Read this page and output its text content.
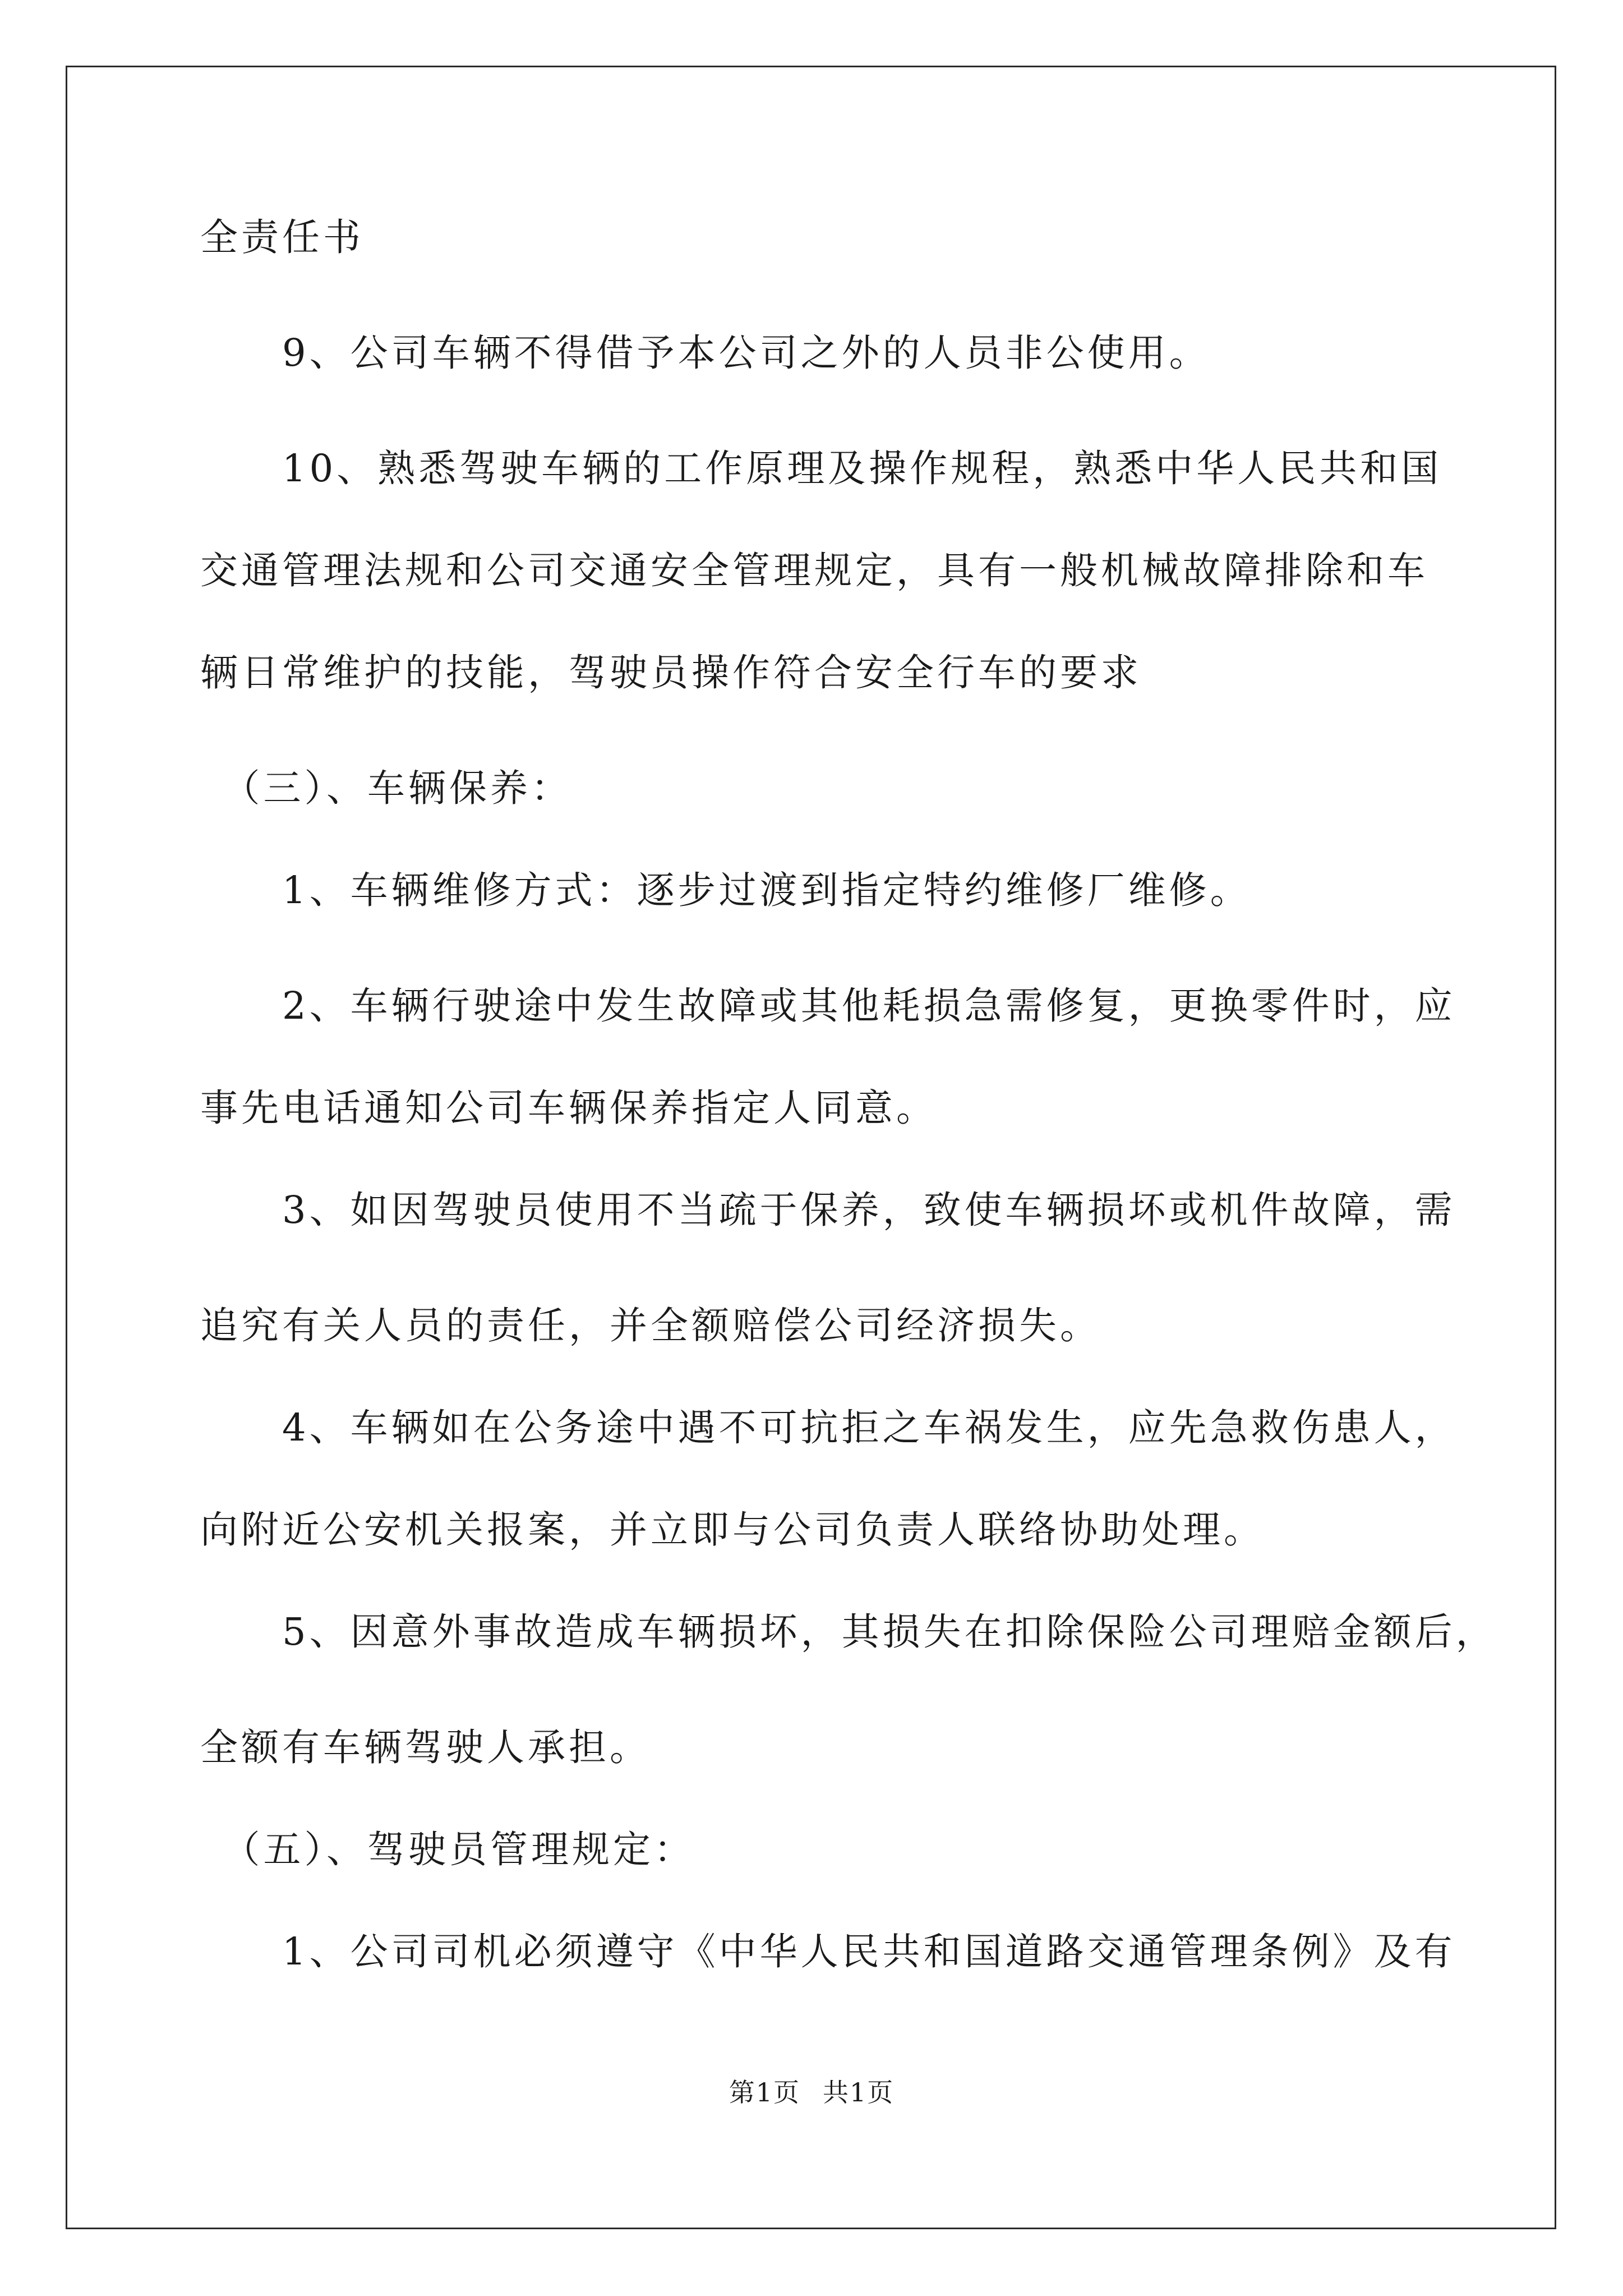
全责任书
　　9、公司车辆不得借予本公司之外的人员非公使用。
　　10、熟悉驾驶车辆的工作原理及操作规程，熟悉中华人民共和国
交通管理法规和公司交通安全管理规定，具有一般机械故障排除和车
辆日常维护的技能，驾驶员操作符合安全行车的要求
　（三）、车辆保养：
　　1、车辆维修方式：逐步过渡到指定特约维修厂维修。
　　2、车辆行驶途中发生故障或其他耗损急需修复，更换零件时，应
事先电话通知公司车辆保养指定人同意。
　　3、如因驾驶员使用不当疏于保养，致使车辆损坏或机件故障，需
追究有关人员的责任，并全额赔偿公司经济损失。
　　4、车辆如在公务途中遇不可抗拒之车祸发生，应先急救伤患人，
向附近公安机关报案，并立即与公司负责人联络协助处理。
　　5、因意外事故造成车辆损坏，其损失在扣除保险公司理赔金额后，
全额有车辆驾驶人承担。
　（五）、驾驶员管理规定：
　　1、公司司机必须遵守《中华人民共和国道路交通管理条例》及有
第1页 共1页
